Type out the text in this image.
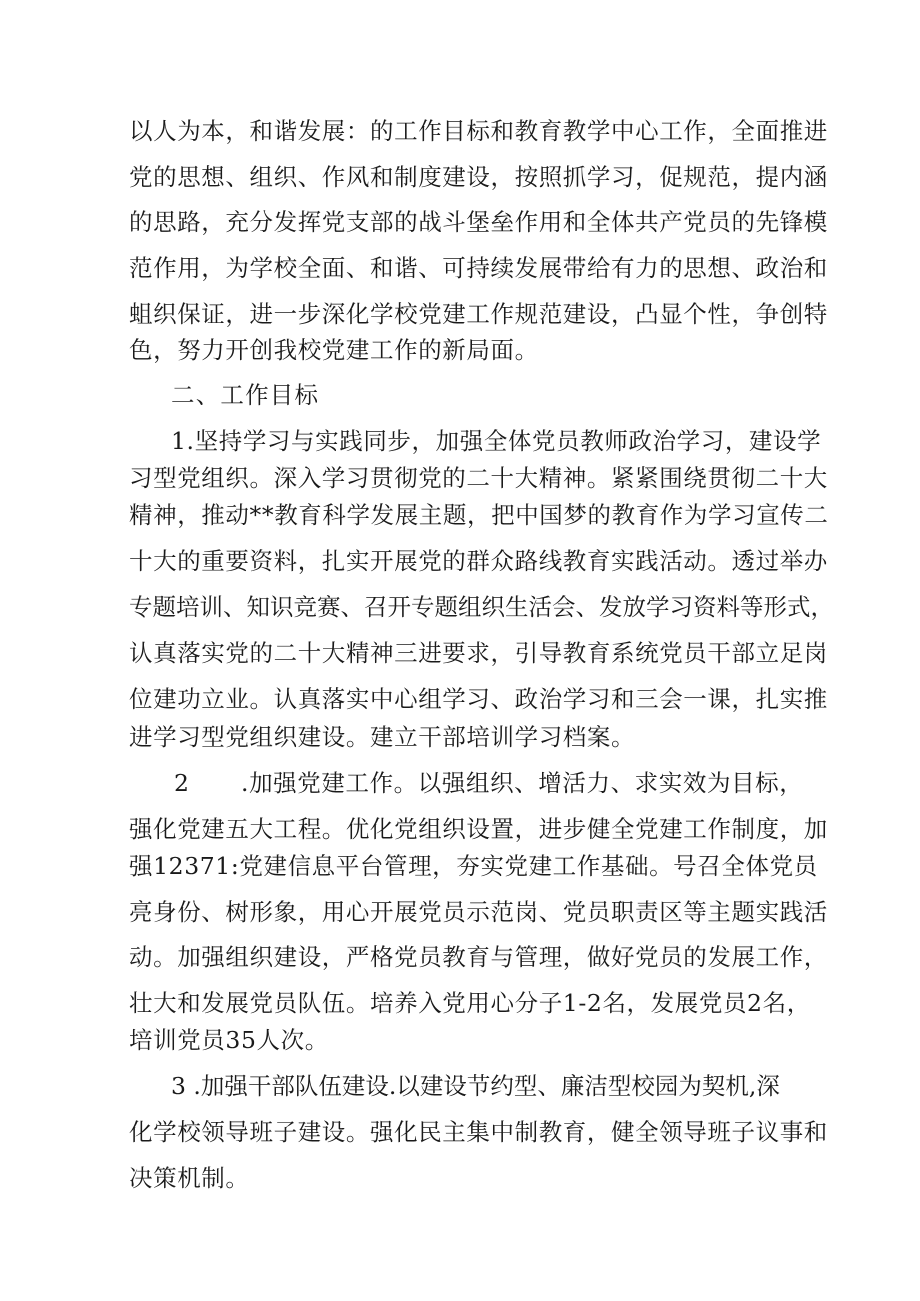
以人为本，和谐发展：的工作目标和教育教学中心工作，全面推进
党的思想、组织、作风和制度建设，按照抓学习，促规范，提内涵
的思路，充分发挥党支部的战斗堡垒作用和全体共产党员的先锋模
范作用，为学校全面、和谐、可持续发展带给有力的思想、政治和
蛆织保证，进一步深化学校党建工作规范建设，凸显个性，争创特
色，努力开创我校党建工作的新局面。
二、工作目标
1.坚持学习与实践同步，加强全体党员教师政治学习，建设学
习型党组织。深入学习贯彻党的二十大精神。紧紧围绕贯彻二十大
精神，推动**教育科学发展主题，把中国梦的教育作为学习宣传二
十大的重要资料，扎实开展党的群众路线教育实践活动。透过举办
专题培训、知识竞赛、召开专题组织生活会、发放学习资料等形式，
认真落实党的二十大精神三进要求，引导教育系统党员干部立足岗
位建功立业。认真落实中心组学习、政治学习和三会一课，扎实推
进学习型党组织建设。建立干部培训学习档案。
2 .加强党建工作。以强组织、增活力、求实效为目标，
强化党建五大工程。优化党组织设置，进步健全党建工作制度，加
强12371:党建信息平台管理，夯实党建工作基础。号召全体党员
亮身份、树形象，用心开展党员示范岗、党员职责区等主题实践活
动。加强组织建设，严格党员教育与管理，做好党员的发展工作，
壮大和发展党员队伍。培养入党用心分子1-2名，发展党员2名，
培训党员35人次。
3 .加强干部队伍建设.以建设节约型、廉洁型校园为契机,深
化学校领导班子建设。强化民主集中制教育，健全领导班子议事和
决策机制。
